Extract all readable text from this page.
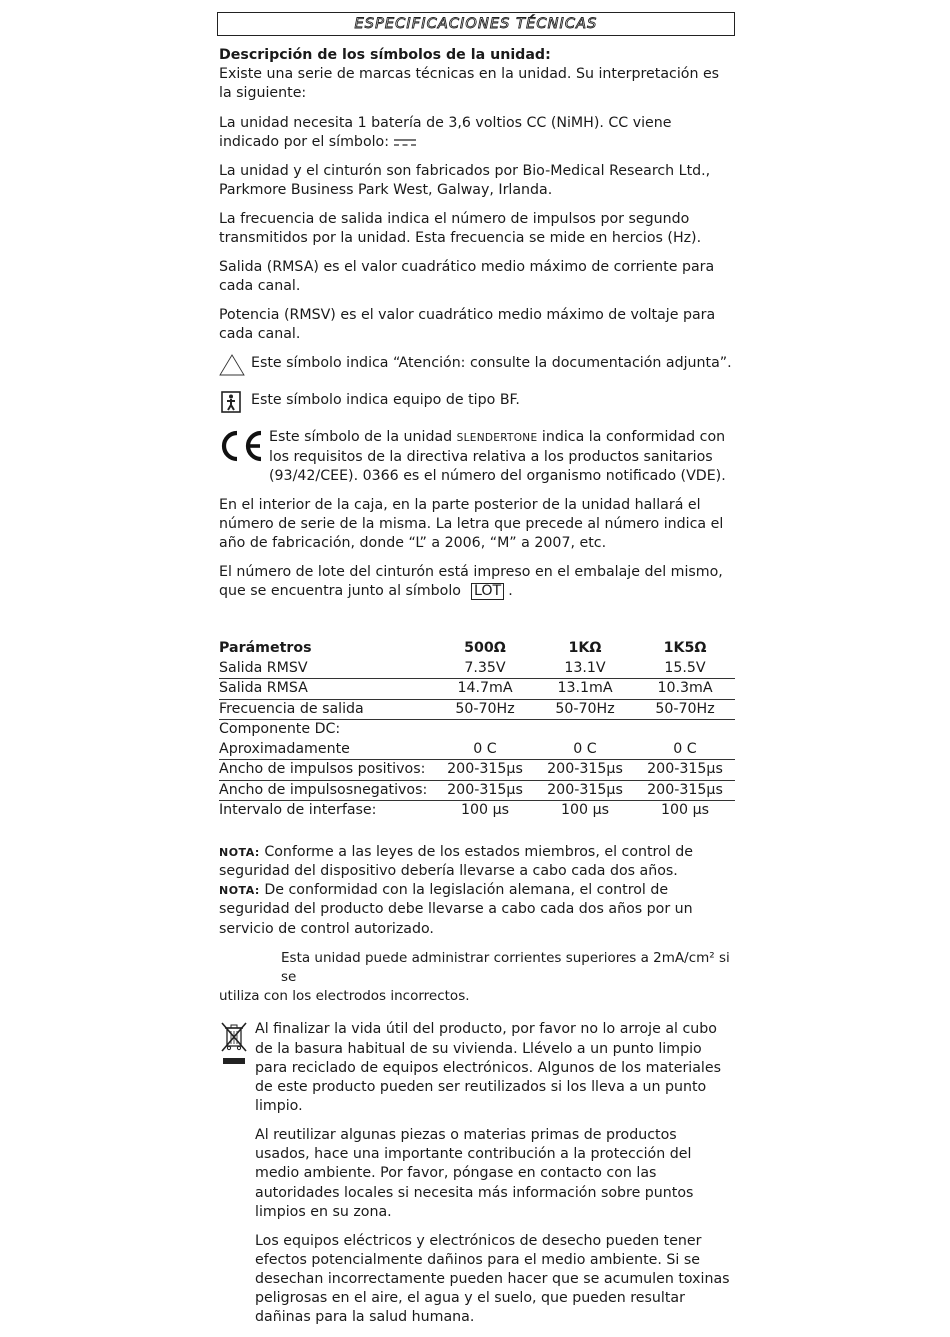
ESPECIFICACIONES TÉCNICAS

Descripción de los símbolos de la unidad:
Existe una serie de marcas técnicas en la unidad. Su interpretación es la siguiente:

La unidad necesita 1 batería de 3,6 voltios CC (NiMH). CC viene indicado por el símbolo:

La unidad y el cinturón son fabricados por Bio-Medical Research Ltd., Parkmore Business Park West, Galway, Irlanda.

La frecuencia de salida indica el número de impulsos por segundo transmitidos por la unidad. Esta frecuencia se mide en hercios (Hz).

Salida (RMSA) es el valor cuadrático medio máximo de corriente para cada canal.

Potencia (RMSV) es el valor cuadrático medio máximo de voltaje para cada canal.

Este símbolo indica “Atención: consulte la documentación adjunta”.
Este símbolo indica equipo de tipo BF.
Este símbolo de la unidad SLENDERTONE indica la conformidad con los requisitos de la directiva relativa a los productos sanitarios (93/42/CEE). 0366 es el número del organismo notificado (VDE).

En el interior de la caja, en la parte posterior de la unidad hallará el número de serie de la misma. La letra que precede al número indica el año de fabricación, donde “L” a 2006, “M” a 2007, etc.

El número de lote del cinturón está impreso en el embalaje del mismo, que se encuentra junto al símbolo LOT .

Parámetros	500Ω	1KΩ	1K5Ω
Salida RMSV	7.35V	13.1V	15.5V
Salida RMSA	14.7mA	13.1mA	10.3mA
Frecuencia de salida	50-70Hz	50-70Hz	50-70Hz
Componente DC:			
Aproximadamente	0 C	0 C	0 C
Ancho de impulsos positivos:	200-315µs	200-315µs	200-315µs
Ancho de impulsosnegativos:	200-315µs	200-315µs	200-315µs
Intervalo de interfase:	100 µs	100 µs	100 µs

NOTA: Conforme a las leyes de los estados miembros, el control de seguridad del dispositivo debería llevarse a cabo cada dos años.

NOTA: De conformidad con la legislación alemana, el control de seguridad del producto debe llevarse a cabo cada dos años por un servicio de control autorizado.

Esta unidad puede administrar corrientes superiores a 2mA/cm² si se
utiliza con los electrodos incorrectos.

Al finalizar la vida útil del producto, por favor no lo arroje al cubo de la basura habitual de su vivienda. Llévelo a un punto limpio para reciclado de equipos electrónicos. Algunos de los materiales de este producto pueden ser reutilizados si los lleva a un punto limpio.

Al reutilizar algunas piezas o materias primas de productos usados, hace una importante contribución a la protección del medio ambiente. Por favor, póngase en contacto con las autoridades locales si necesita más información sobre puntos limpios en su zona.

Los equipos eléctricos y electrónicos de desecho pueden tener efectos potencialmente dañinos para el medio ambiente. Si se desechan incorrectamente pueden hacer que se acumulen toxinas peligrosas en el aire, el agua y el suelo, que pueden resultar dañinas para la salud humana.
